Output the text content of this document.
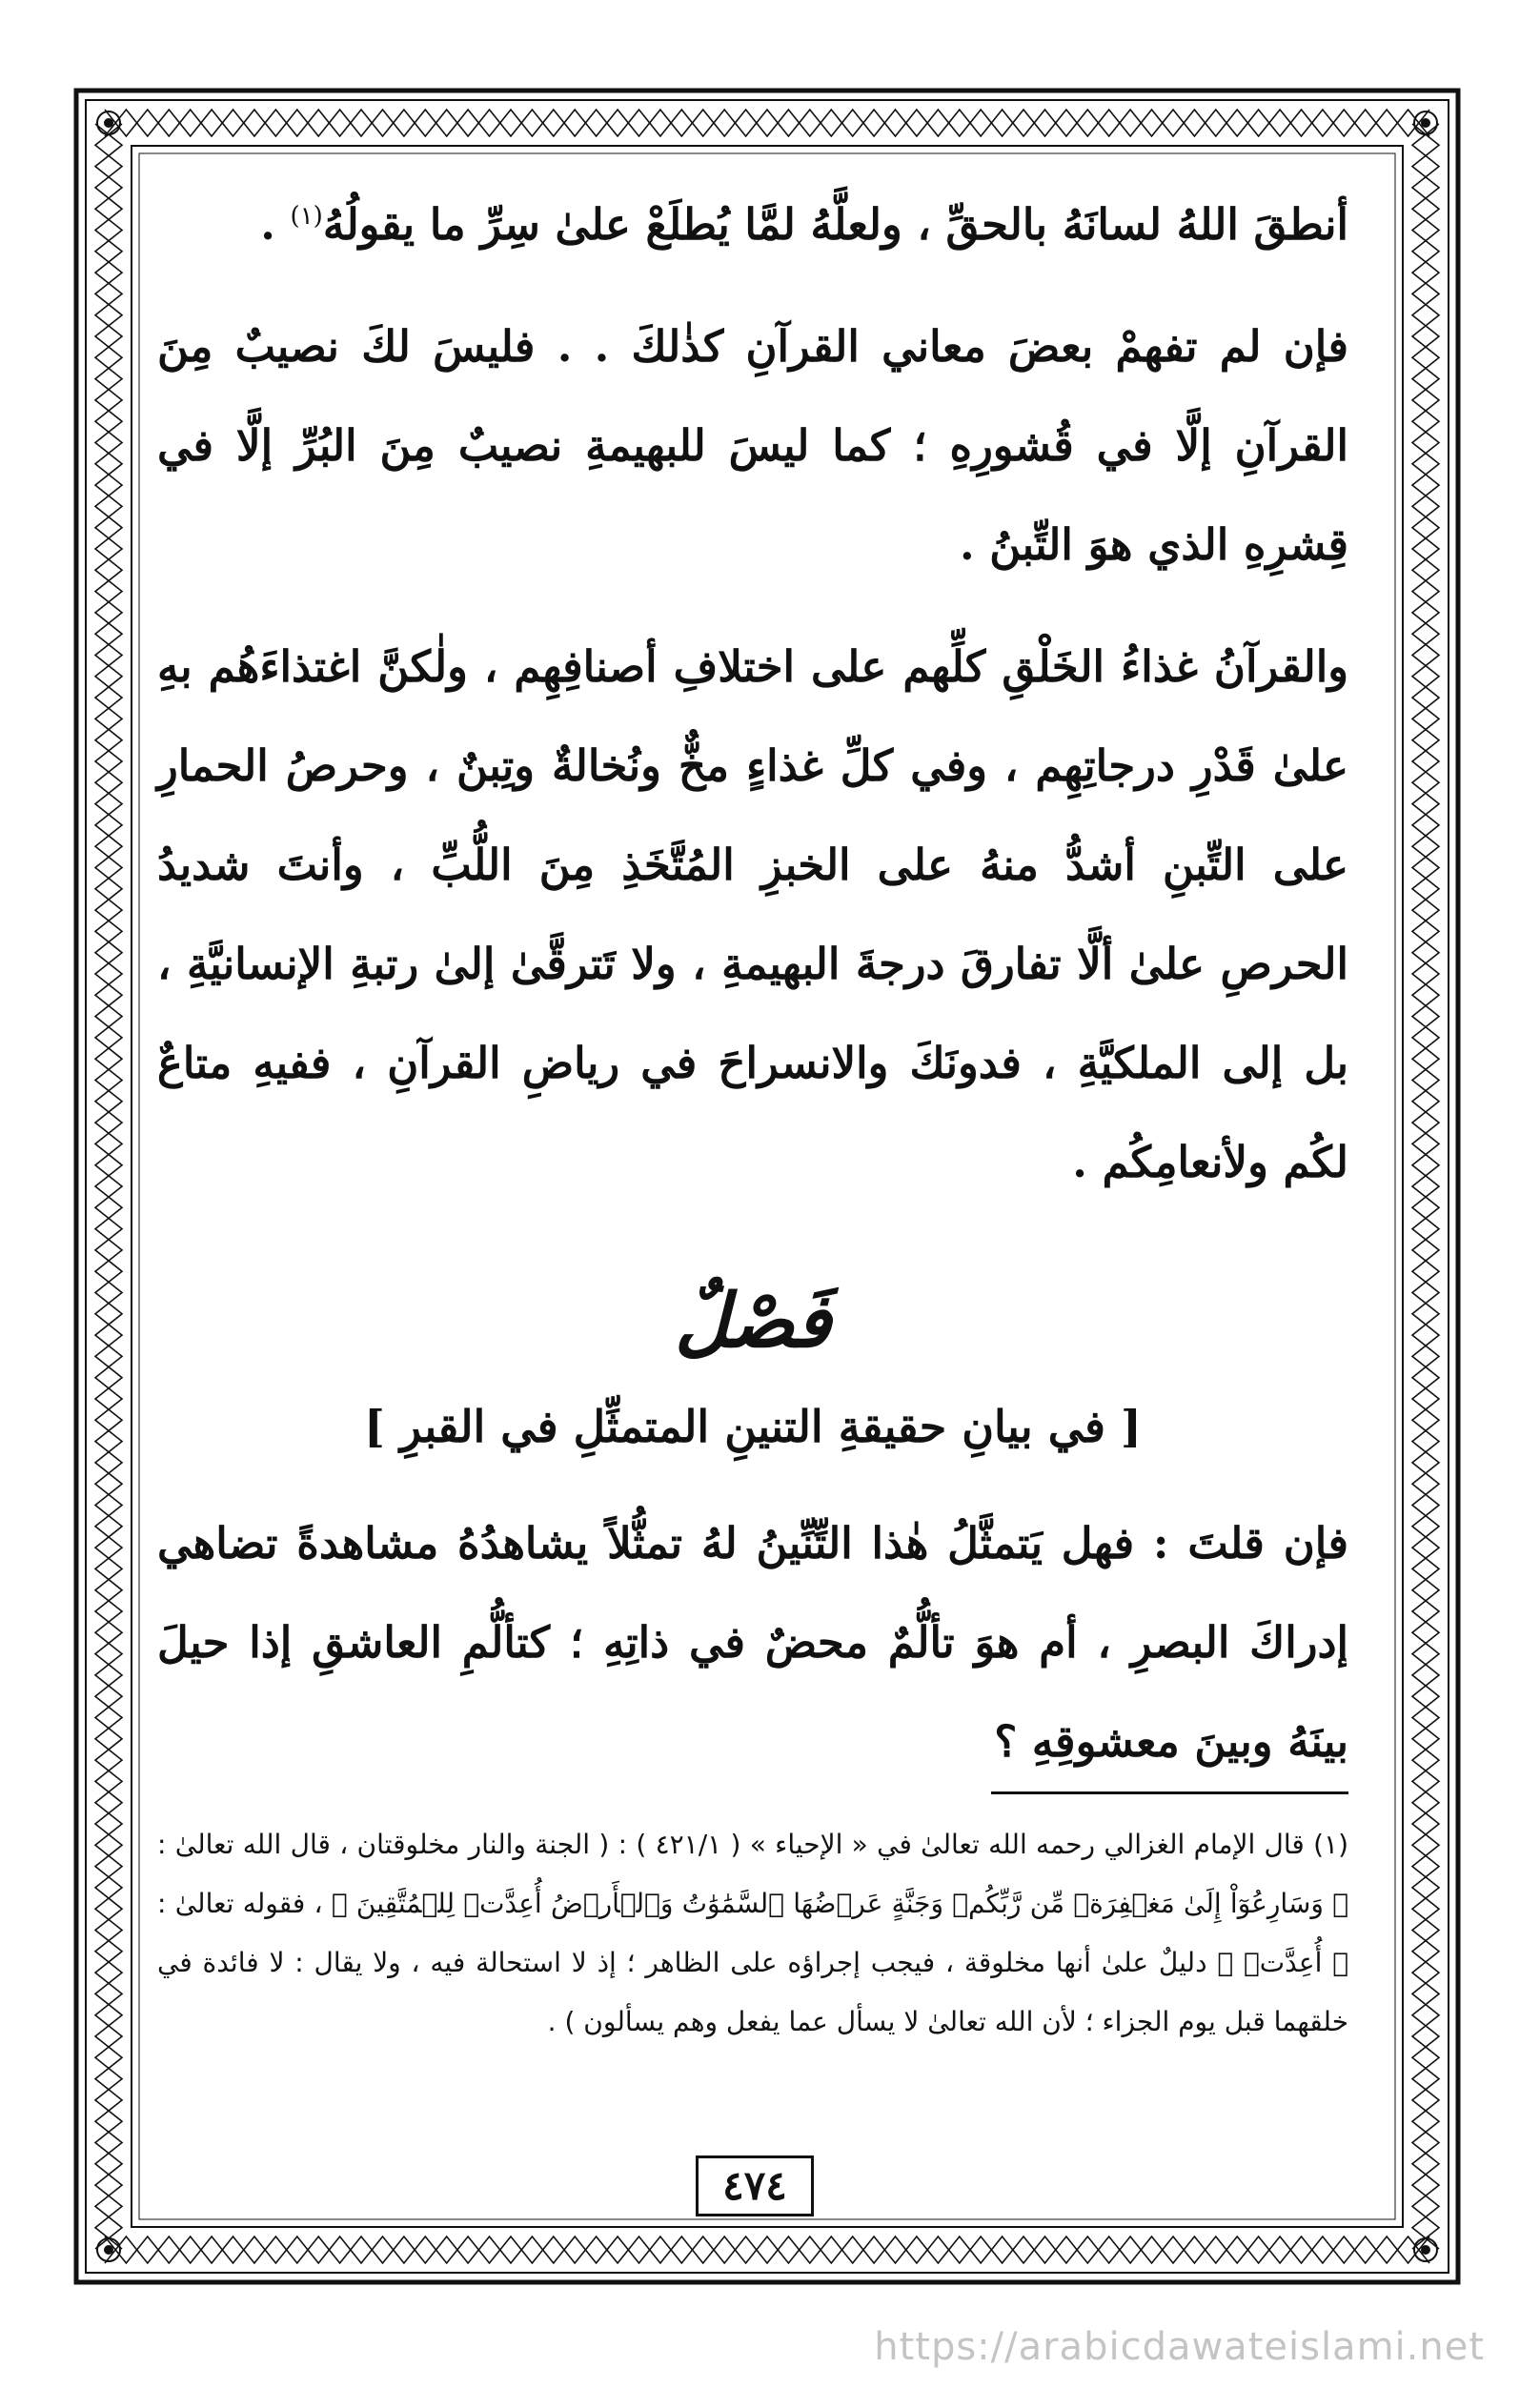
أنطقَ اللهُ لسانَهُ بالحقِّ ، ولعلَّهُ لمَّا يُطلَعْ علىٰ سِرِّ ما يقولُهُ$^{(١)}$ .

فإن لم تفهمْ بعضَ معاني القرآنِ كذٰلكَ . . فليسَ لكَ نصيبٌ مِنَ القرآنِ إلَّا في قُشورِهِ ؛ كما ليسَ للبهيمةِ نصيبٌ مِنَ البُرِّ إلَّا في قِشرِهِ الذي هوَ التِّبنُ .

والقرآنُ غذاءُ الخَلْقِ كلِّهم على اختلافِ أصنافِهِم ، ولٰكنَّ اغتذاءَهُم بهِ علىٰ قَدْرِ درجاتِهِم ، وفي كلِّ غذاءٍ مخٌّ ونُخالةٌ وتِبنٌ ، وحرصُ الحمارِ على التِّبنِ أشدُّ منهُ على الخبزِ المُتَّخَذِ مِنَ اللُّبِّ ، وأنتَ شديدُ الحرصِ علىٰ ألَّا تفارقَ درجةَ البهيمةِ ، ولا تَترقَّىٰ إلىٰ رتبةِ الإنسانيَّةِ ، بل إلى الملكيَّةِ ، فدونَكَ والانسراحَ في رياضِ القرآنِ ، ففيهِ متاعٌ لكُم ولأنعامِكُم .

فَصْلٌ
[ في بيانِ حقيقةِ التنينِ المتمثِّلِ في القبرِ ]

فإن قلتَ : فهل يَتمثَّلُ هٰذا التِّنِّينُ لهُ تمثُّلاً يشاهدُهُ مشاهدةً تضاهي إدراكَ البصرِ ، أم هوَ تألُّمٌ محضٌ في ذاتِهِ ؛ كتألُّمِ العاشقِ إذا حيلَ بينَهُ وبينَ معشوقِهِ ؟

(١) قال الإمام الغزالي رحمه الله تعالىٰ في « الإحياء » ( ٤٢١/١ ) : ( الجنة والنار مخلوقتان ، قال الله تعالىٰ : ﴿ وَسَارِعُوٓاْ إِلَىٰ مَغۡفِرَةٖ مِّن رَّبِّكُمۡ وَجَنَّةٍ عَرۡضُهَا ٱلسَّمَٰوَٰتُ وَٱلۡأَرۡضُ أُعِدَّتۡ لِلۡمُتَّقِينَ ﴾ ، فقوله تعالىٰ : ﴿ أُعِدَّتۡ ﴾ دليلٌ علىٰ أنها مخلوقة ، فيجب إجراؤه على الظاهر ؛ إذ لا استحالة فيه ، ولا يقال : لا فائدة في خلقهما قبل يوم الجزاء ؛ لأن الله تعالىٰ لا يسأل عما يفعل وهم يسألون ) .

٤٧٤
https://arabicdawateislami.net
